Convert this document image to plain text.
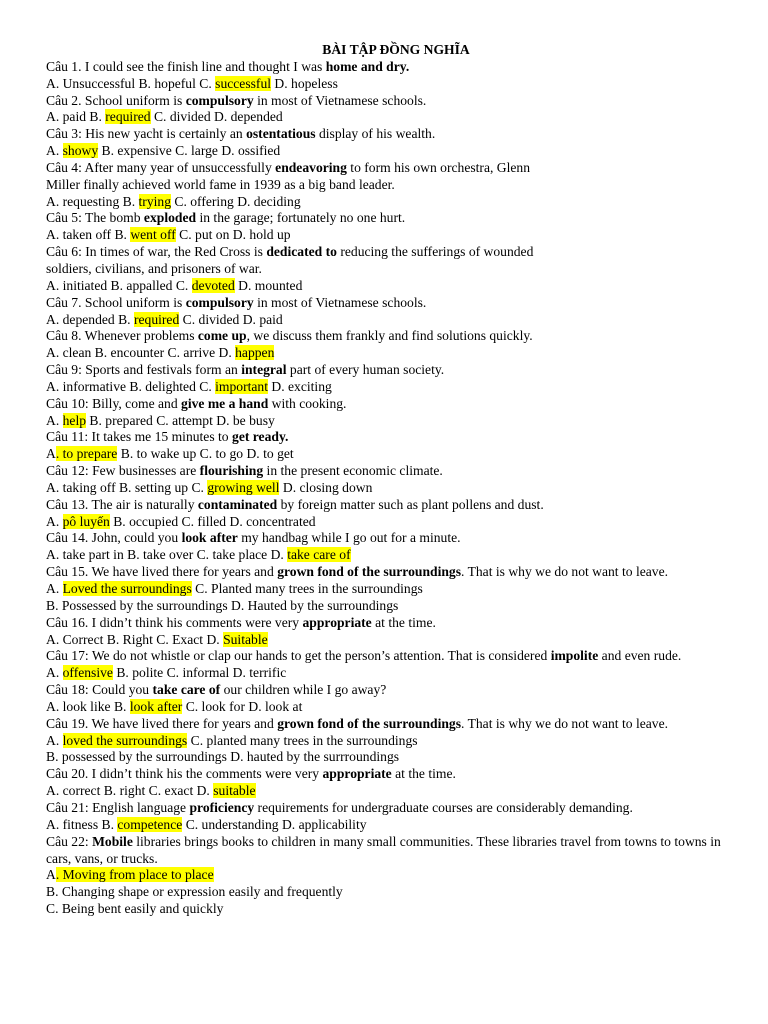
BÀI TẬP ĐỒNG NGHĨA
Câu 1. I could see the finish line and thought I was home and dry.
A. Unsuccessful B. hopeful C. successful D. hopeless
Câu 2. School uniform is compulsory in most of Vietnamese schools.
A. paid B. required C. divided D. depended
Câu 3: His new yacht is certainly an ostentatious display of his wealth.
A. showy B. expensive C. large D. ossified
Câu 4: After many year of unsuccessfully endeavoring to form his own orchestra, Glenn
Miller finally achieved world fame in 1939 as a big band leader.
A. requesting B. trying C. offering D. deciding
Câu 5: The bomb exploded in the garage; fortunately no one hurt.
A. taken off B. went off C. put on D. hold up
Câu 6: In times of war, the Red Cross is dedicated to reducing the sufferings of wounded
soldiers, civilians, and prisoners of war.
A. initiated B. appalled C. devoted D. mounted
Câu 7. School uniform is compulsory in most of Vietnamese schools.
A. depended B. required C. divided D. paid
Câu 8. Whenever problems come up, we discuss them frankly and find solutions quickly.
A. clean B. encounter C. arrive D. happen
Câu 9: Sports and festivals form an integral part of every human society.
A. informative B. delighted C. important D. exciting
Câu 10: Billy, come and give me a hand with cooking.
A. help B. prepared C. attempt D. be busy
Câu 11: It takes me 15 minutes to get ready.
A. to prepare B. to wake up C. to go D. to get
Câu 12: Few businesses are flourishing in the present economic climate.
A. taking off B. setting up C. growing well D. closing down
Câu 13. The air is naturally contaminated by foreign matter such as plant pollens and dust.
A. pô luyến B. occupied C. filled D. concentrated
Câu 14. John, could you look after my handbag while I go out for a minute.
A. take part in B. take over C. take place D. take care of
Câu 15. We have lived there for years and grown fond of the surroundings. That is why we do not want to leave.
A. Loved the surroundings C. Planted many trees in the surroundings
B. Possessed by the surroundings D. Hauted by the surroundings
Câu 16. I didn’t think his comments were very appropriate at the time.
A. Correct B. Right C. Exact D. Suitable
Câu 17: We do not whistle or clap our hands to get the person’s attention. That is considered impolite and even rude.
A. offensive B. polite C. informal D. terrific
Câu 18: Could you take care of our children while I go away?
A. look like B. look after C. look for D. look at
Câu 19. We have lived there for years and grown fond of the surroundings. That is why we do not want to leave.
A. loved the surroundings C. planted many trees in the surroundings
B. possessed by the surroundings D. hauted by the surrroundings
Câu 20. I didn’t think his the comments were very appropriate at the time.
A. correct B. right C. exact D. suitable
Câu 21: English language proficiency requirements for undergraduate courses are considerably demanding.
A. fitness B. competence C. understanding D. applicability
Câu 22: Mobile libraries brings books to children in many small communities. These libraries travel from towns to towns in cars, vans, or trucks.
A. Moving from place to place
B. Changing shape or expression easily and frequently
C. Being bent easily and quickly
